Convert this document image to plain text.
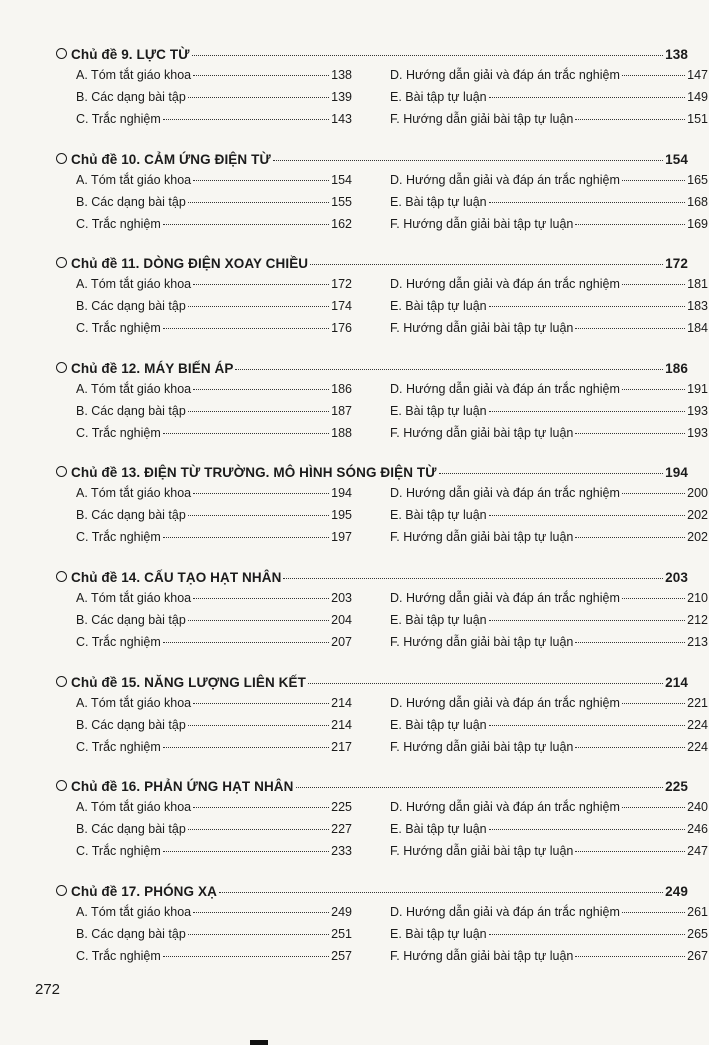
Chủ đề 9. LỰC TỪ	138
A. Tóm tắt giáo khoa	138	D. Hướng dẫn giải và đáp án trắc nghiệm	147
B. Các dạng bài tập	139	E. Bài tập tự luận	149
C. Trắc nghiệm	143	F. Hướng dẫn giải bài tập tự luận	151
Chủ đề 10. CẢM ỨNG ĐIỆN TỪ	154
A. Tóm tắt giáo khoa	154	D. Hướng dẫn giải và đáp án trắc nghiệm	165
B. Các dạng bài tập	155	E. Bài tập tự luận	168
C. Trắc nghiệm	162	F. Hướng dẫn giải bài tập tự luận	169
Chủ đề 11. DÒNG ĐIỆN XOAY CHIỀU	172
A. Tóm tắt giáo khoa	172	D. Hướng dẫn giải và đáp án trắc nghiệm	181
B. Các dạng bài tập	174	E. Bài tập tự luận	183
C. Trắc nghiệm	176	F. Hướng dẫn giải bài tập tự luận	184
Chủ đề 12. MÁY BIẾN ÁP	186
A. Tóm tắt giáo khoa	186	D. Hướng dẫn giải và đáp án trắc nghiệm	191
B. Các dạng bài tập	187	E. Bài tập tự luận	193
C. Trắc nghiệm	188	F. Hướng dẫn giải bài tập tự luận	193
Chủ đề 13. ĐIỆN TỪ TRƯỜNG. MÔ HÌNH SÓNG ĐIỆN TỪ	194
A. Tóm tắt giáo khoa	194	D. Hướng dẫn giải và đáp án trắc nghiệm	200
B. Các dạng bài tập	195	E. Bài tập tự luận	202
C. Trắc nghiệm	197	F. Hướng dẫn giải bài tập tự luận	202
Chủ đề 14. CẤU TẠO HẠT NHÂN	203
A. Tóm tắt giáo khoa	203	D. Hướng dẫn giải và đáp án trắc nghiệm	210
B. Các dạng bài tập	204	E. Bài tập tự luận	212
C. Trắc nghiệm	207	F. Hướng dẫn giải bài tập tự luận	213
Chủ đề 15. NĂNG LƯỢNG LIÊN KẾT	214
A. Tóm tắt giáo khoa	214	D. Hướng dẫn giải và đáp án trắc nghiệm	221
B. Các dạng bài tập	214	E. Bài tập tự luận	224
C. Trắc nghiệm	217	F. Hướng dẫn giải bài tập tự luận	224
Chủ đề 16. PHẢN ỨNG HẠT NHÂN	225
A. Tóm tắt giáo khoa	225	D. Hướng dẫn giải và đáp án trắc nghiệm	240
B. Các dạng bài tập	227	E. Bài tập tự luận	246
C. Trắc nghiệm	233	F. Hướng dẫn giải bài tập tự luận	247
Chủ đề 17. PHÓNG XẠ	249
A. Tóm tắt giáo khoa	249	D. Hướng dẫn giải và đáp án trắc nghiệm	261
B. Các dạng bài tập	251	E. Bài tập tự luận	265
C. Trắc nghiệm	257	F. Hướng dẫn giải bài tập tự luận	267
272
